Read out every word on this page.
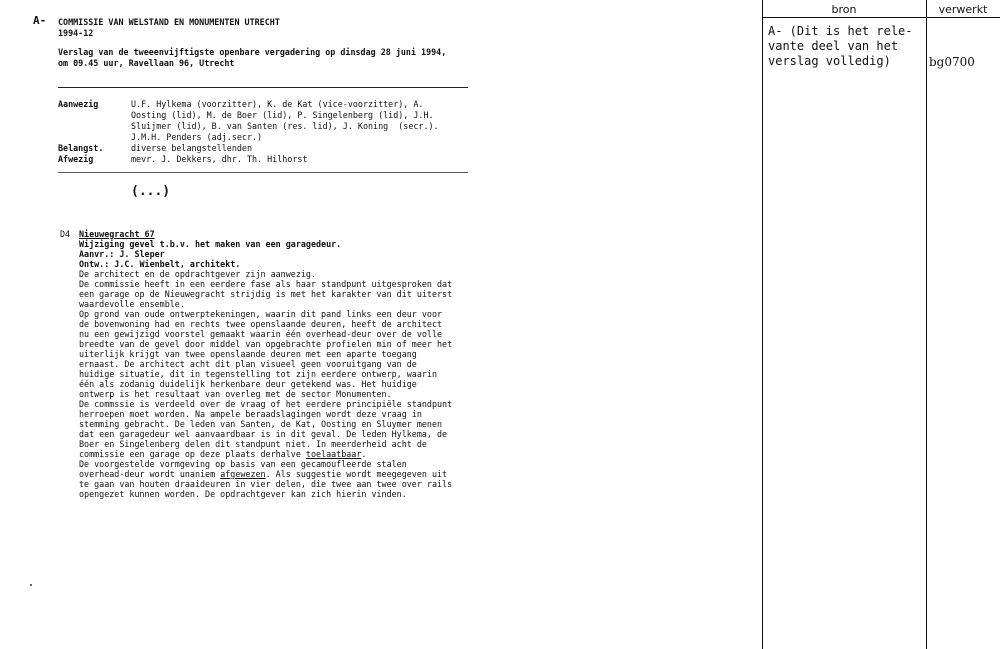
A- COMMISSIE VAN WELSTAND EN MONUMENTEN UTRECHT
1994-12
Verslag van de tweeenvijftigste openbare vergadering op dinsdag 28 juni 1994,
om 09.45 uur, Ravellaan 96, Utrecht
Aanwezig	U.F. Hylkema (voorzitter), K. de Kat (vice-voorzitter), A.
Oosting (lid), M. de Boer (lid), P. Singelenberg (lid), J.H.
Sluijmer (lid), B. van Santen (res. lid), J. Koning  (secr.).
J.M.H. Penders (adj.secr.)
Belangst.	diverse belangstellenden
Afwezig	mevr. J. Dekkers, dhr. Th. Hilhorst
(...)
D4 Nieuwegracht 67
Wijziging gevel t.b.v. het maken van een garagedeur.
Aanvr.: J. Sleper
Ontw.: J.C. Wienbelt, architekt.
De architect en de opdrachtgever zijn aanwezig.
De commissie heeft in een eerdere fase als haar standpunt uitgesproken dat
een garage op de Nieuwegracht strijdig is met het karakter van dit uiterst
waardevolle ensemble.
Op grond van oude ontwerptekeningen, waarin dit pand links een deur voor
de bovenwoning had en rechts twee openslaande deuren, heeft de architect
nu een gewijzigd voorstel gemaakt waarin één overhead-deur over de volle
breedte van de gevel door middel van opgebrachte profielen min of meer het
uiterlijk krijgt van twee openslaande deuren met een aparte toegang
ernaast. De architect acht dit plan visueel geen vooruitgang van de
huidige situatie, dit in tegenstelling tot zijn eerdere ontwerp, waarin
één als zodanig duidelijk herkenbare deur getekend was. Het huidige
ontwerp is het resultaat van overleg met de sector Monumenten.
De commssie is verdeeld over de vraag of het eerdere principiële standpunt
herroepen moet worden. Na ampele beraadslagingen wordt deze vraag in
stemming gebracht. De leden van Santen, de Kat, Oosting en Sluymer menen
dat een garagedeur wel aanvaardbaar is in dit geval. De leden Hylkema, de
Boer en Singelenberg delen dit standpunt niet. In meerderheid acht de
commissie een garage op deze plaats derhalve toelaatbaar.
De voorgestelde vormgeving op basis van een gecamoufleerde stalen
overhead-deur wordt unaniem afgewezen. Als suggestie wordt meegegeven uit
te gaan van houten draaideuren in vier delen, die twee aan twee over rails
opengezet kunnen worden. De opdrachtgever kan zich hierin vinden.
bron	verwerkt
A- (Dit is het rele-
vante deel van het
verslag volledig)	bg0700
